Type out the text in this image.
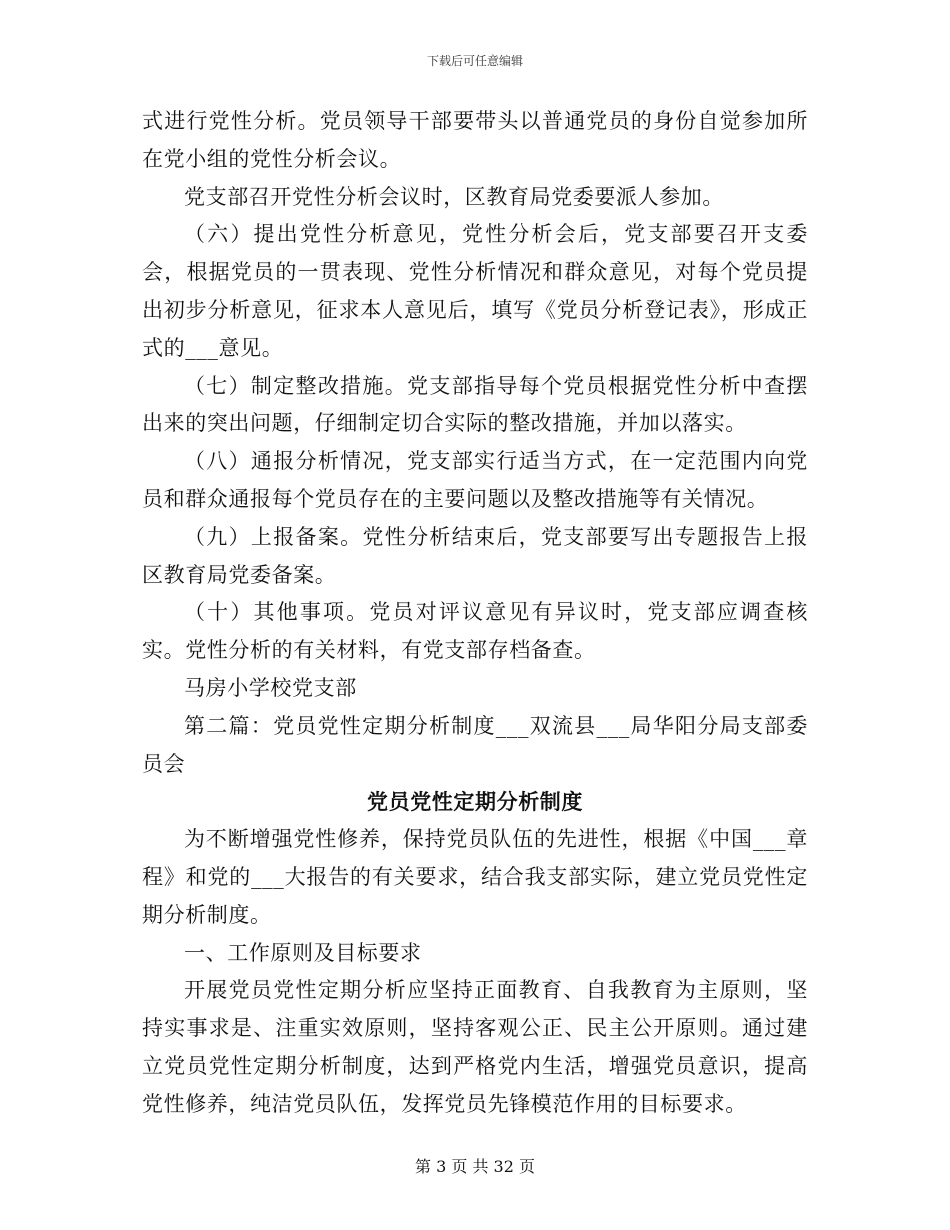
下载后可任意编辑

式进行党性分析。党员领导干部要带头以普通党员的身份自觉参加所在党小组的党性分析会议。

党支部召开党性分析会议时，区教育局党委要派人参加。

（六）提出党性分析意见，党性分析会后，党支部要召开支委会，根据党员的一贯表现、党性分析情况和群众意见，对每个党员提出初步分析意见，征求本人意见后，填写《党员分析登记表》，形成正式的___意见。

（七）制定整改措施。党支部指导每个党员根据党性分析中查摆出来的突出问题，仔细制定切合实际的整改措施，并加以落实。

（八）通报分析情况，党支部实行适当方式，在一定范围内向党员和群众通报每个党员存在的主要问题以及整改措施等有关情况。

（九）上报备案。党性分析结束后，党支部要写出专题报告上报区教育局党委备案。

（十）其他事项。党员对评议意见有异议时，党支部应调查核实。党性分析的有关材料，有党支部存档备查。

马房小学校党支部

第二篇：党员党性定期分析制度___双流县___局华阳分局支部委员会

党员党性定期分析制度

为不断增强党性修养，保持党员队伍的先进性，根据《中国___章程》和党的___大报告的有关要求，结合我支部实际，建立党员党性定期分析制度。

一、工作原则及目标要求

开展党员党性定期分析应坚持正面教育、自我教育为主原则，坚持实事求是、注重实效原则，坚持客观公正、民主公开原则。通过建立党员党性定期分析制度，达到严格党内生活，增强党员意识，提高党性修养，纯洁党员队伍，发挥党员先锋模范作用的目标要求。

第 3 页 共 32 页
